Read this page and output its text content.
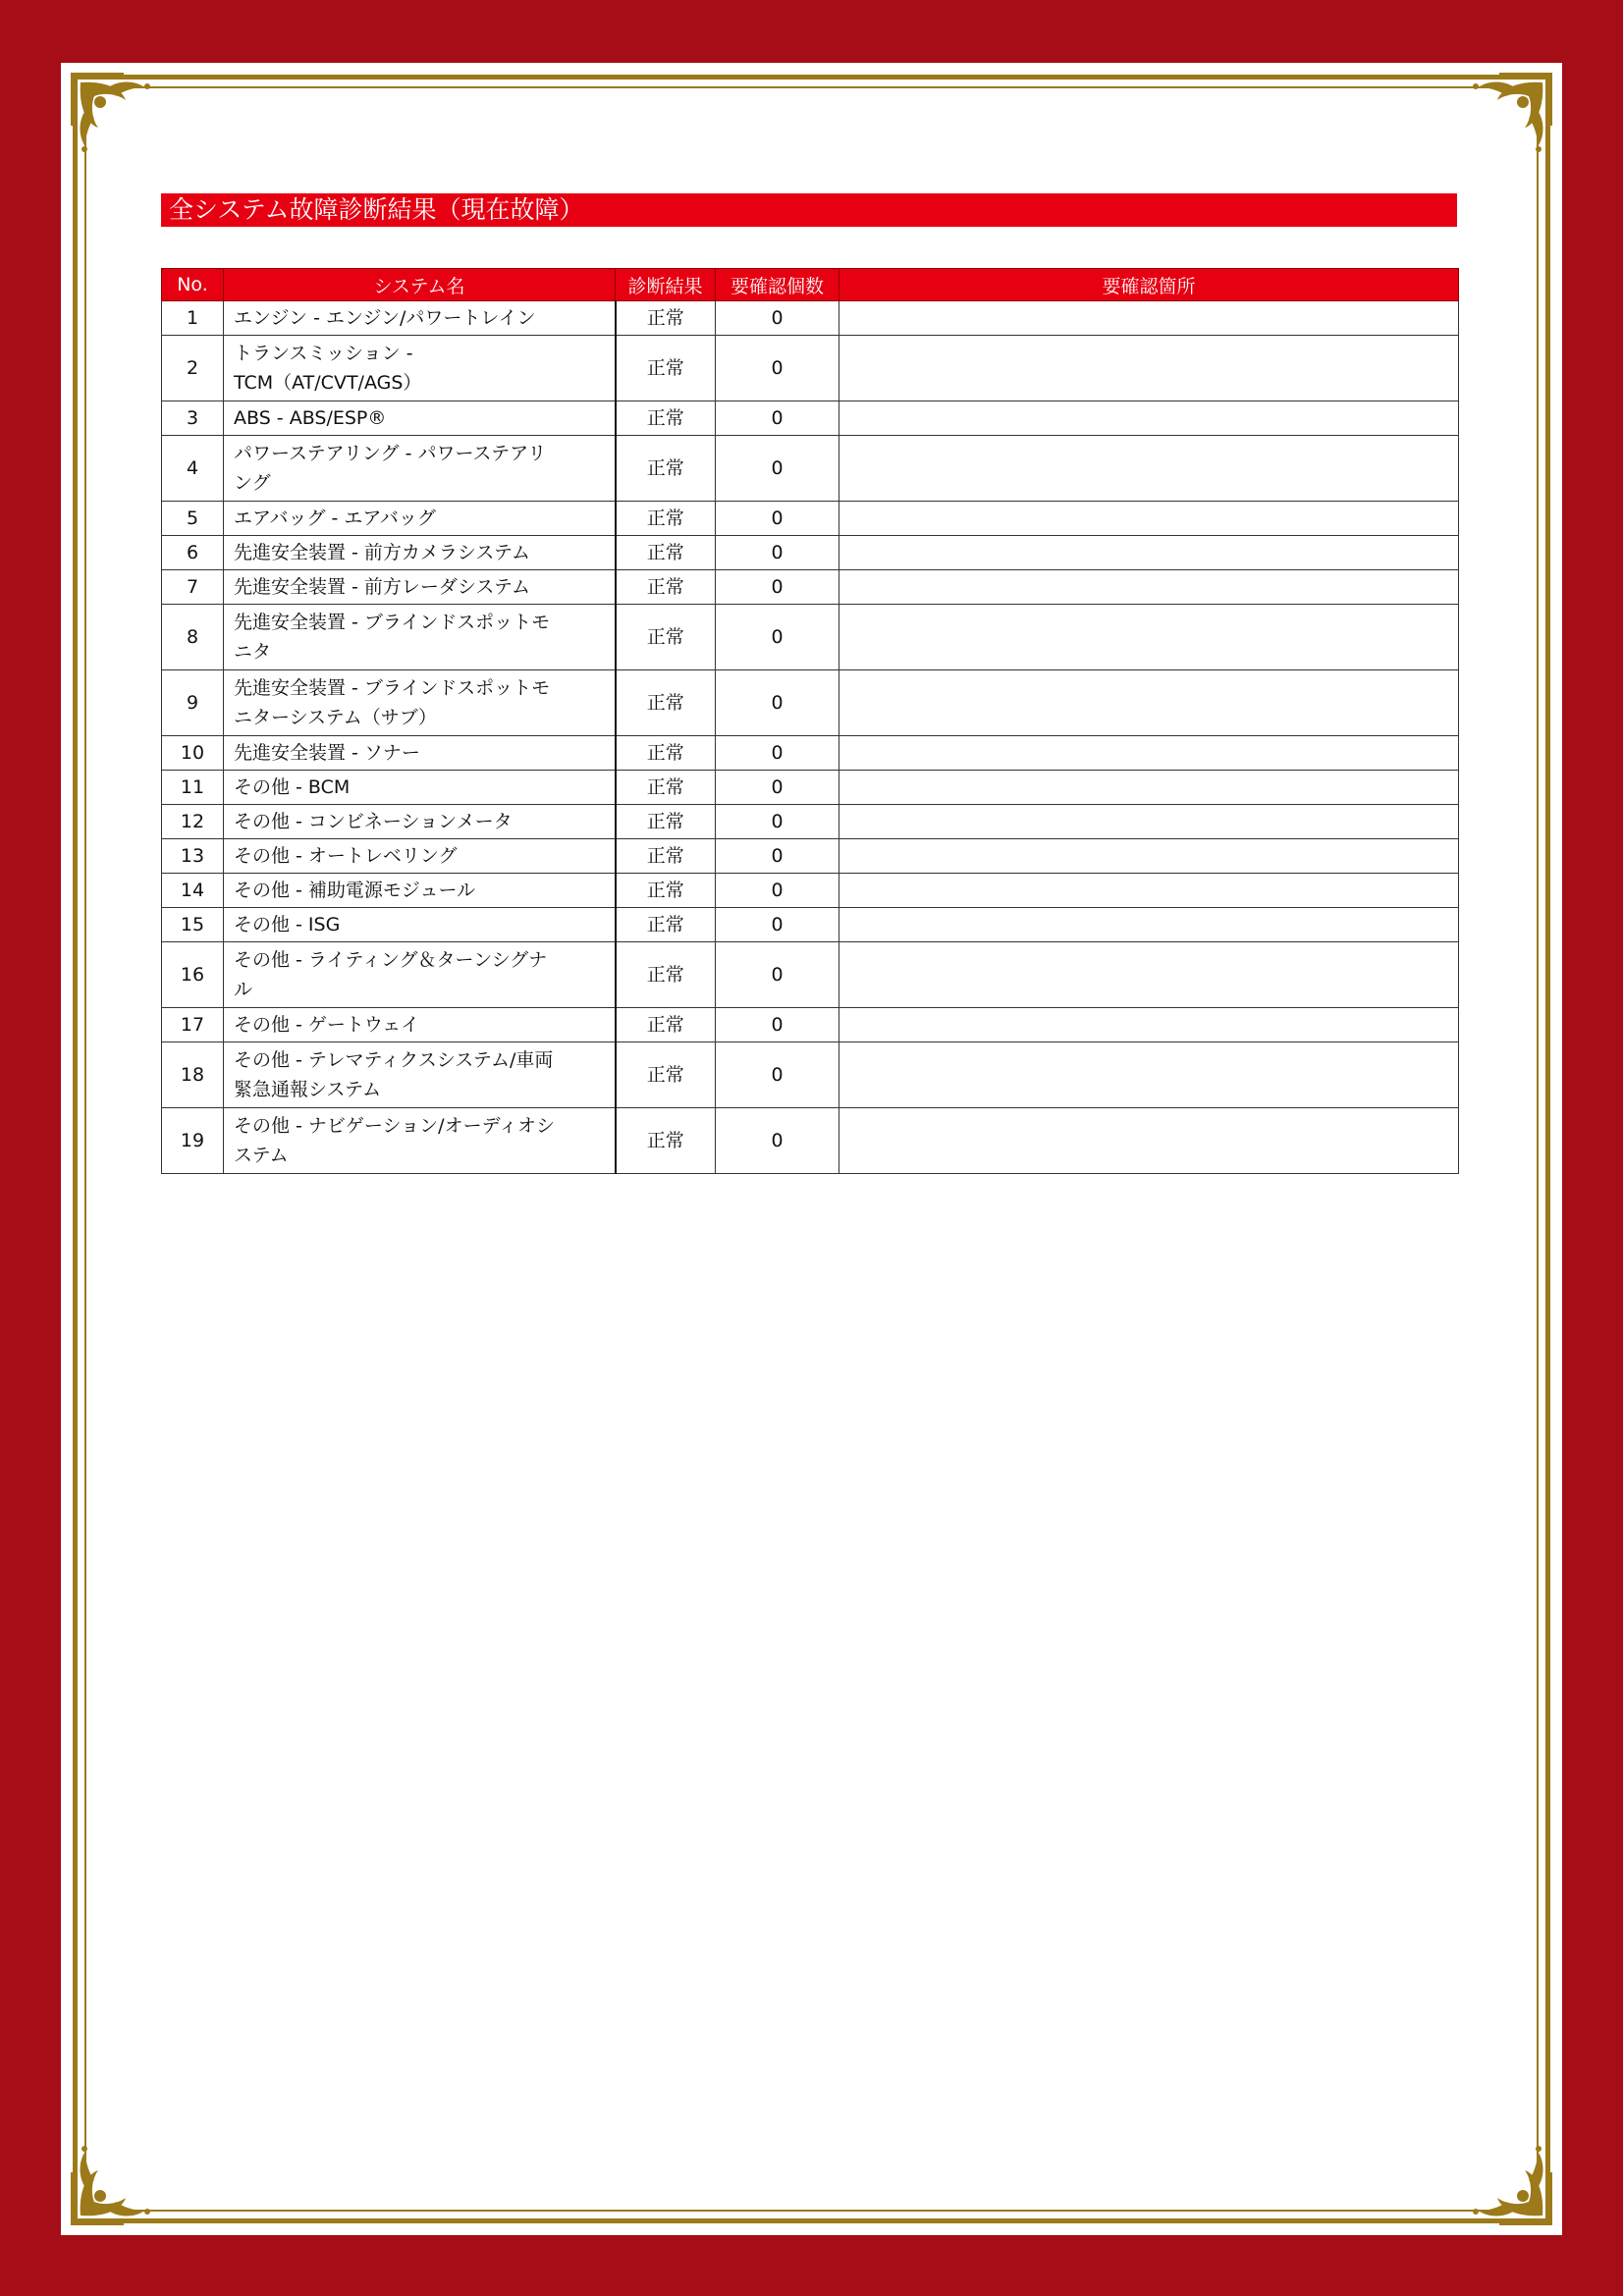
全システム故障診断結果（現在故障）
No.	システム名	診断結果	要確認個数	要確認箇所
1	エンジン - エンジン/パワートレイン	正常	0	
2	トランスミッション -
TCM（AT/CVT/AGS）	正常	0	
3	ABS - ABS/ESP®	正常	0	
4	パワーステアリング - パワーステアリ
ング	正常	0	
5	エアバッグ - エアバッグ	正常	0	
6	先進安全装置 - 前方カメラシステム	正常	0	
7	先進安全装置 - 前方レーダシステム	正常	0	
8	先進安全装置 - ブラインドスポットモ
ニタ	正常	0	
9	先進安全装置 - ブラインドスポットモ
ニターシステム（サブ）	正常	0	
10	先進安全装置 - ソナー	正常	0	
11	その他 - BCM	正常	0	
12	その他 - コンビネーションメータ	正常	0	
13	その他 - オートレベリング	正常	0	
14	その他 - 補助電源モジュール	正常	0	
15	その他 - ISG	正常	0	
16	その他 - ライティング＆ターンシグナ
ル	正常	0	
17	その他 - ゲートウェイ	正常	0	
18	その他 - テレマティクスシステム/車両
緊急通報システム	正常	0	
19	その他 - ナビゲーション/オーディオシ
ステム	正常	0	
